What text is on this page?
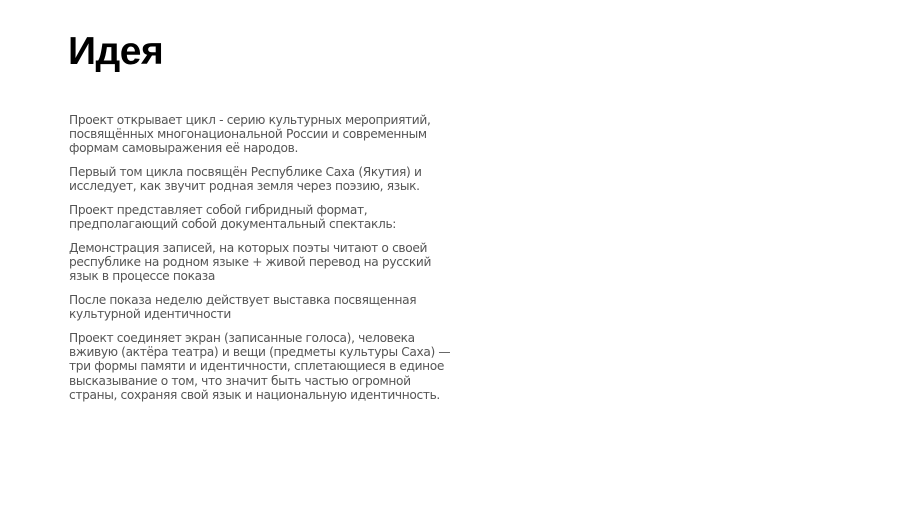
Идея

Проект открывает цикл - серию культурных мероприятий, посвящённых многонациональной России и современным формам самовыражения её народов.

Первый том цикла посвящён Республике Саха (Якутия) и исследует, как звучит родная земля через поэзию, язык.

Проект представляет собой гибридный формат, предполагающий собой документальный спектакль:

Демонстрация записей, на которых поэты читают о своей республике на родном языке + живой перевод на русский язык в процессе показа

После показа неделю действует выставка посвященная культурной идентичности

Проект соединяет экран (записанные голоса), человека вживую (актёра театра) и вещи (предметы культуры Саха) — три формы памяти и идентичности, сплетающиеся в единое высказывание о том, что значит быть частью огромной страны, сохраняя свой язык и национальную идентичность.
